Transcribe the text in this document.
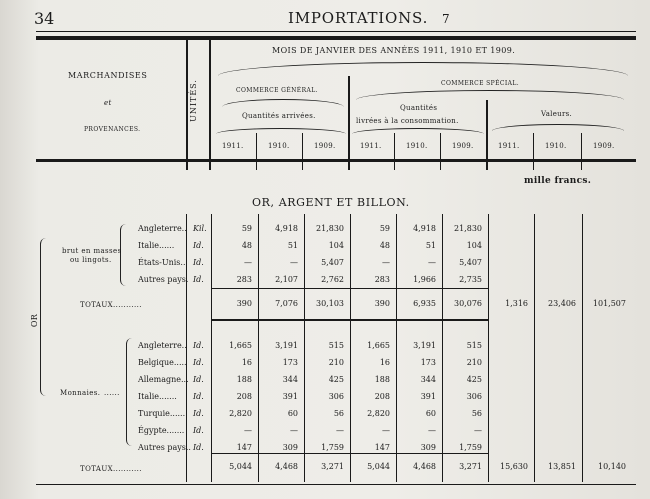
34	IMPORTATIONS. 7
MARCHANDISES
et
PROVENANCES.
UNITÉS.
MOIS DE JANVIER DES ANNÉES 1911, 1910 ET 1909.
COMMERCE GÉNÉRAL.
COMMERCE SPÉCIAL.
Quantités arrivées.
Quantités
livrées à la consommation.
Valeurs.
1911.	1910.	1909.	1911.	1910.	1909.	1911.	1910.	1909.
mille francs.
OR, ARGENT ET BILLON.
OR
brut en masses
ou lingots.
Monnaies. ......
Angleterre.. Kil.	59	4,918	21,830	59	4,918	21,830
Italie...... Id.	48	51	104	48	51	104
États-Unis.. Id.	—	—	5,407	—	—	5,407
Autres pays. Id.	283	2,107	2,762	283	1,966	2,735
TOTAUX...........	390	7,076	30,103	390	6,935	30,076	1,316	23,406	101,507
Angleterre.. Id.	1,665	3,191	515	1,665	3,191	515
Belgique..... Id.	16	173	210	16	173	210
Allemagne... Id.	188	344	425	188	344	425
Italie....... Id.	208	391	306	208	391	306
Turquie...... Id.	2,820	60	56	2,820	60	56
Égypte....... Id.	—	—	—	—	—	—
Autres pays.. Id.	147	309	1,759	147	309	1,759
TOTAUX...........	5,044	4,468	3,271	5,044	4,468	3,271	15,630	13,851	10,140
